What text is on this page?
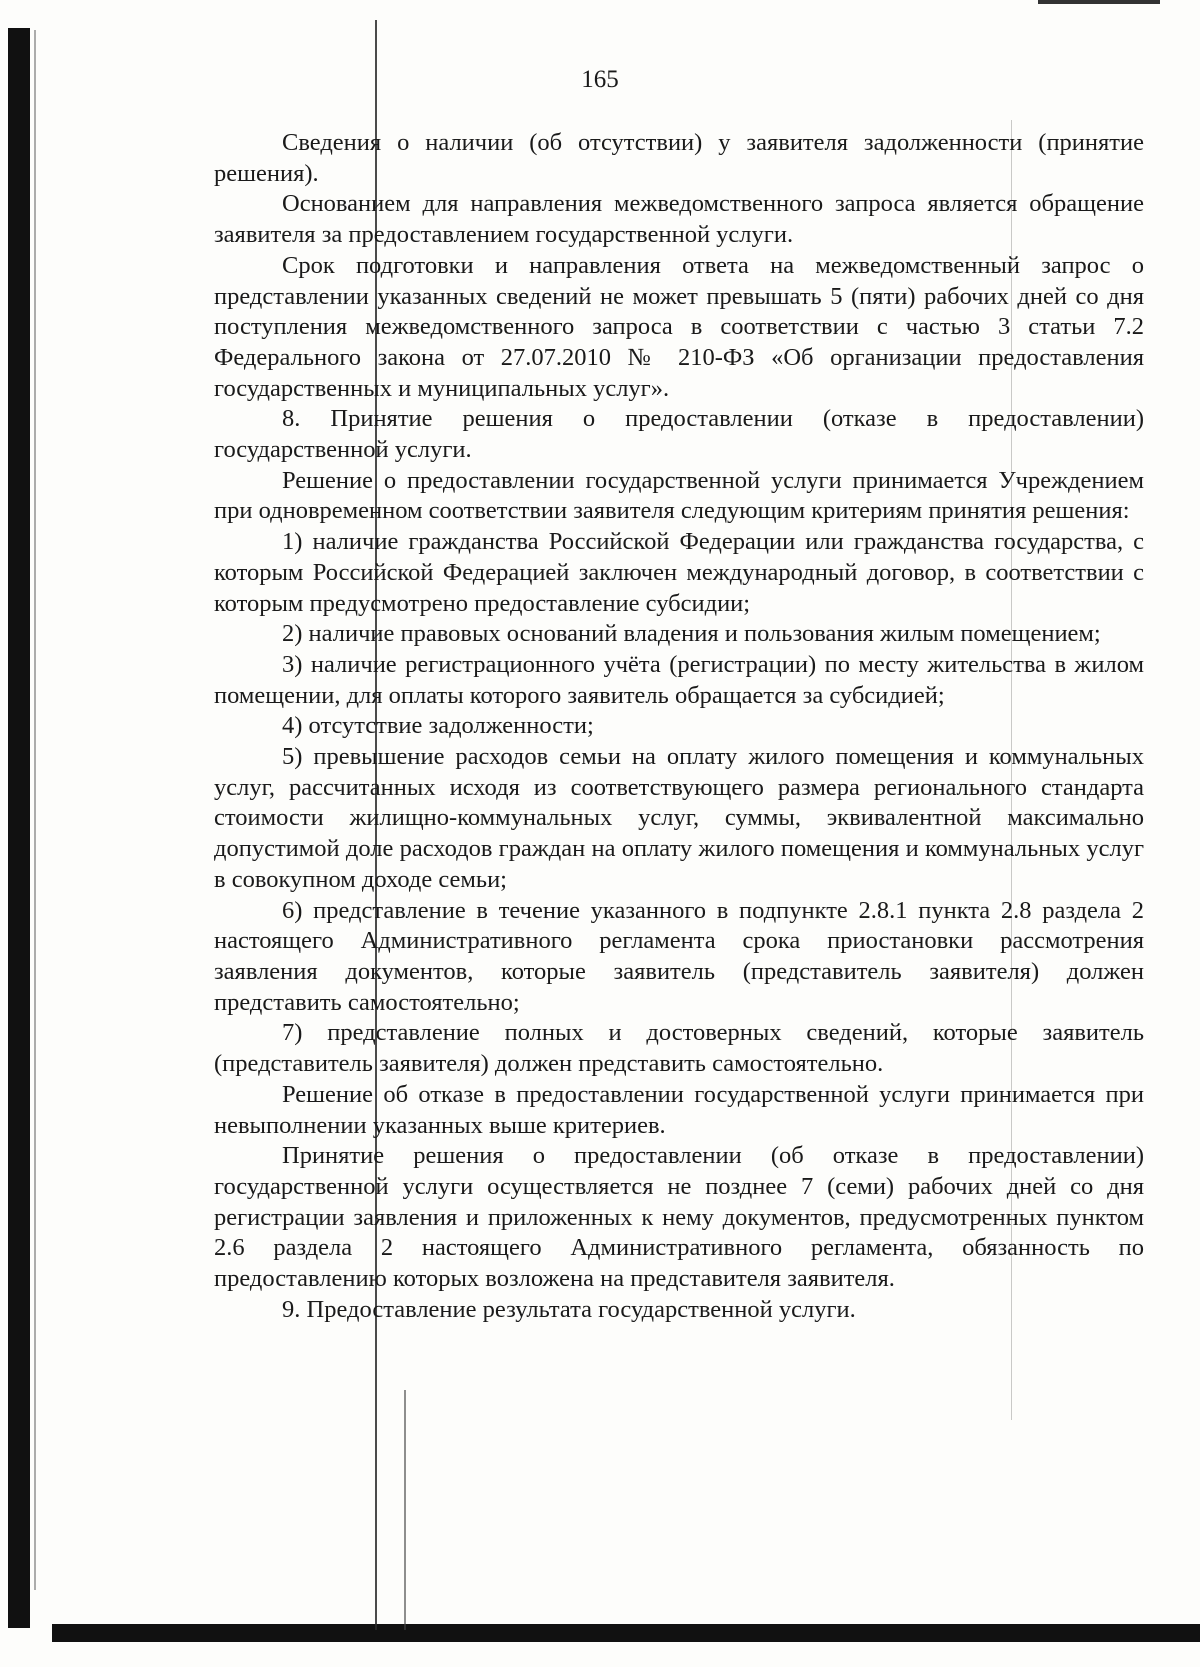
165

Сведения о наличии (об отсутствии) у заявителя задолженности (принятие решения).

Основанием для направления межведомственного запроса является обращение заявителя за предоставлением государственной услуги.

Срок подготовки и направления ответа на межведомственный запрос о представлении указанных сведений не может превышать 5 (пяти) рабочих дней со дня поступления межведомственного запроса в соответствии с частью 3 статьи 7.2 Федерального закона от 27.07.2010 № 210-ФЗ «Об организации предоставления государственных и муниципальных услуг».

8. Принятие решения о предоставлении (отказе в предоставлении) государственной услуги.

Решение о предоставлении государственной услуги принимается Учреждением при одновременном соответствии заявителя следующим критериям принятия решения:

1) наличие гражданства Российской Федерации или гражданства государства, с которым Российской Федерацией заключен международный договор, в соответствии с которым предусмотрено предоставление субсидии;

2) наличие правовых оснований владения и пользования жилым помещением;

3) наличие регистрационного учёта (регистрации) по месту жительства в жилом помещении, для оплаты которого заявитель обращается за субсидией;

4) отсутствие задолженности;

5) превышение расходов семьи на оплату жилого помещения и коммунальных услуг, рассчитанных исходя из соответствующего размера регионального стандарта стоимости жилищно-коммунальных услуг, суммы, эквивалентной максимально допустимой доле расходов граждан на оплату жилого помещения и коммунальных услуг в совокупном доходе семьи;

6) представление в течение указанного в подпункте 2.8.1 пункта 2.8 раздела 2 настоящего Административного регламента срока приостановки рассмотрения заявления документов, которые заявитель (представитель заявителя) должен представить самостоятельно;

7) представление полных и достоверных сведений, которые заявитель (представитель заявителя) должен представить самостоятельно.

Решение об отказе в предоставлении государственной услуги принимается при невыполнении указанных выше критериев.

Принятие решения о предоставлении (об отказе в предоставлении) государственной услуги осуществляется не позднее 7 (семи) рабочих дней со дня регистрации заявления и приложенных к нему документов, предусмотренных пунктом 2.6 раздела 2 настоящего Административного регламента, обязанность по предоставлению которых возложена на представителя заявителя.

9. Предоставление результата государственной услуги.
